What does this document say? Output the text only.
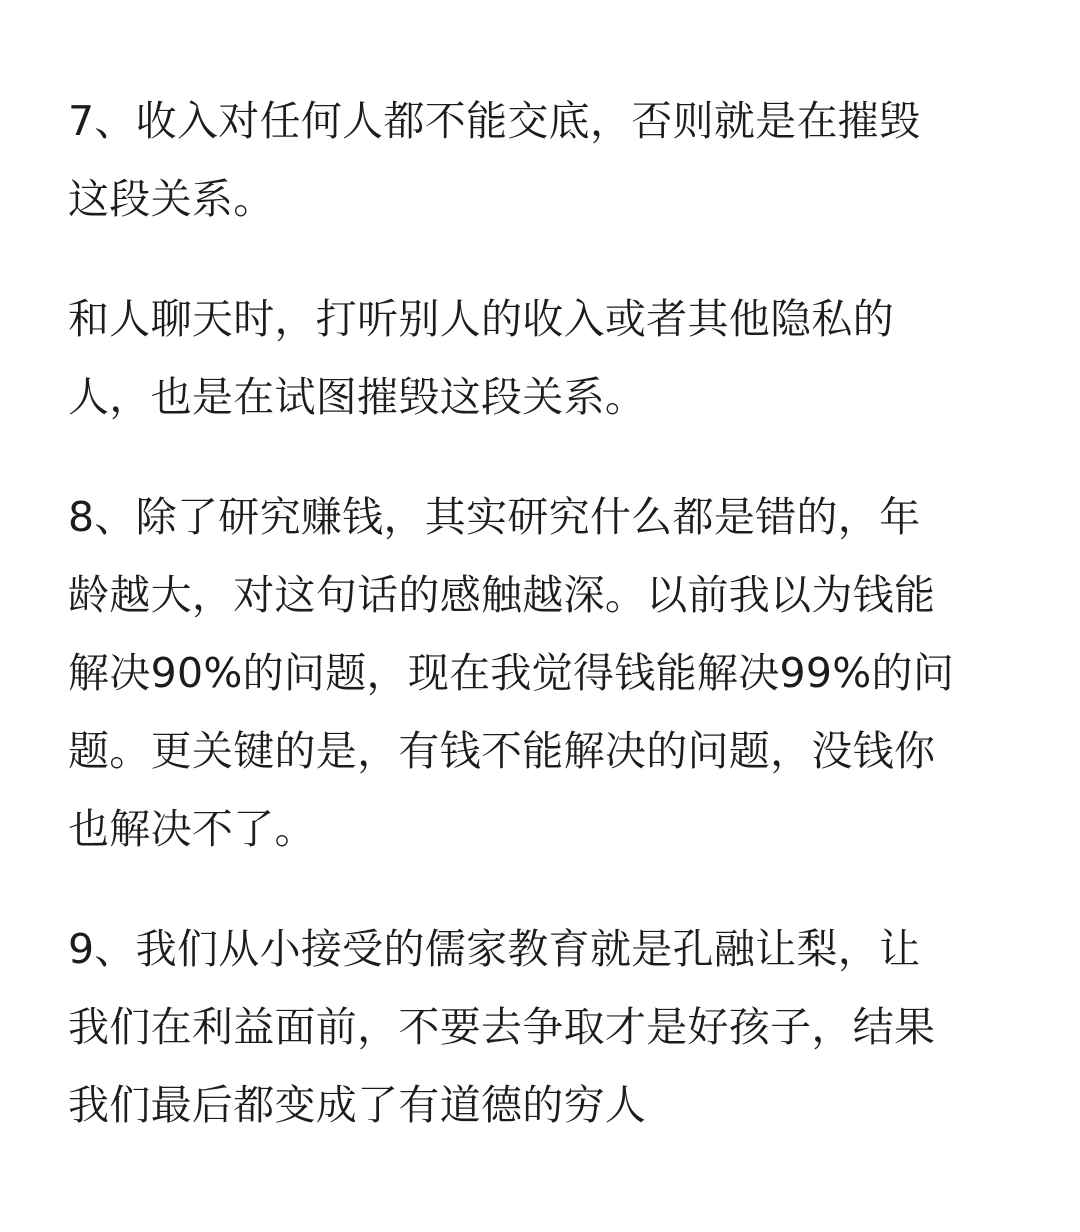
7、收入对任何人都不能交底，否则就是在摧毁
这段关系。

和人聊天时，打听别人的收入或者其他隐私的
人，也是在试图摧毁这段关系。

8、除了研究赚钱，其实研究什么都是错的，年
龄越大，对这句话的感触越深。以前我以为钱能
解决90%的问题，现在我觉得钱能解决99%的问
题。更关键的是，有钱不能解决的问题，没钱你
也解决不了。

9、我们从小接受的儒家教育就是孔融让梨，让
我们在利益面前，不要去争取才是好孩子，结果
我们最后都变成了有道德的穷人
